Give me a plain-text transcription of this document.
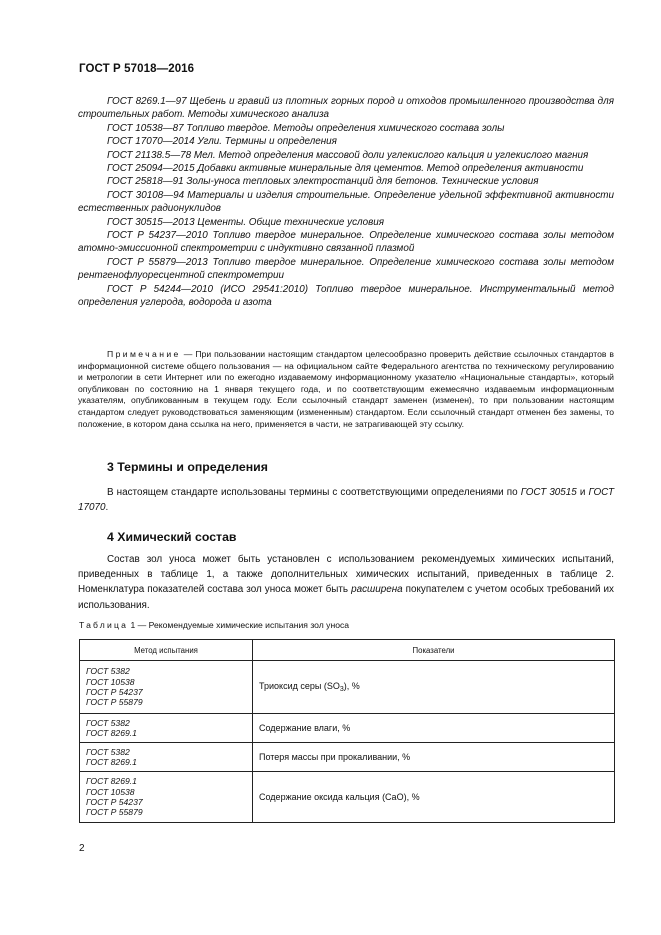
ГОСТ Р 57018—2016

ГОСТ 8269.1—97 Щебень и гравий из плотных горных пород и отходов промышленного производства для строительных работ. Методы химического анализа

ГОСТ 10538—87 Топливо твердое. Методы определения химического состава золы

ГОСТ 17070—2014 Угли. Термины и определения

ГОСТ 21138.5—78 Мел. Метод определения массовой доли углекислого кальция и углекислого магния

ГОСТ 25094—2015 Добавки активные минеральные для цементов. Метод определения активности

ГОСТ 25818—91 Золы-уноса тепловых электростанций для бетонов. Технические условия

ГОСТ 30108—94 Материалы и изделия строительные. Определение удельной эффективной активности естественных радионуклидов

ГОСТ 30515—2013 Цементы. Общие технические условия

ГОСТ Р 54237—2010 Топливо твердое минеральное. Определение химического состава золы методом атомно-эмиссионной спектрометрии с индуктивно связанной плазмой

ГОСТ Р 55879—2013 Топливо твердое минеральное. Определение химического состава золы методом рентгенофлуоресцентной спектрометрии

ГОСТ Р 54244—2010 (ИСО 29541:2010) Топливо твердое минеральное. Инструментальный метод определения углерода, водорода и азота

Примечание — При пользовании настоящим стандартом целесообразно проверить действие ссылочных стандартов в информационной системе общего пользования — на официальном сайте Федерального агентства по техническому регулированию и метрологии в сети Интернет или по ежегодно издаваемому информационному указателю «Национальные стандарты», который опубликован по состоянию на 1 января текущего года, и по соответствующим ежемесячно издаваемым информационным указателям, опубликованным в текущем году. Если ссылочный стандарт заменен (изменен), то при пользовании настоящим стандартом следует руководствоваться заменяющим (измененным) стандартом. Если ссылочный стандарт отменен без замены, то положение, в котором дана ссылка на него, применяется в части, не затрагивающей эту ссылку.

3 Термины и определения

В настоящем стандарте использованы термины с соответствующими определениями по ГОСТ 30515 и ГОСТ 17070.

4 Химический состав

Состав зол уноса может быть установлен с использованием рекомендуемых химических испытаний, приведенных в таблице 1, а также дополнительных химических испытаний, приведенных в таблице 2. Номенклатура показателей состава зол уноса может быть расширена покупателем с учетом особых требований их использования.

Таблица 1 — Рекомендуемые химические испытания зол уноса
Метод испытания	Показатели

ГОСТ 5382
ГОСТ 10538
ГОСТ Р 54237
ГОСТ Р 55879	Триоксид серы $(SO_3)$, %

ГОСТ 5382
ГОСТ 8269.1	Содержание влаги, %

ГОСТ 5382
ГОСТ 8269.1	Потеря массы при прокаливании, %

ГОСТ 8269.1
ГОСТ 10538
ГОСТ Р 54237
ГОСТ Р 55879	Содержание оксида кальция (CaO), %
2
